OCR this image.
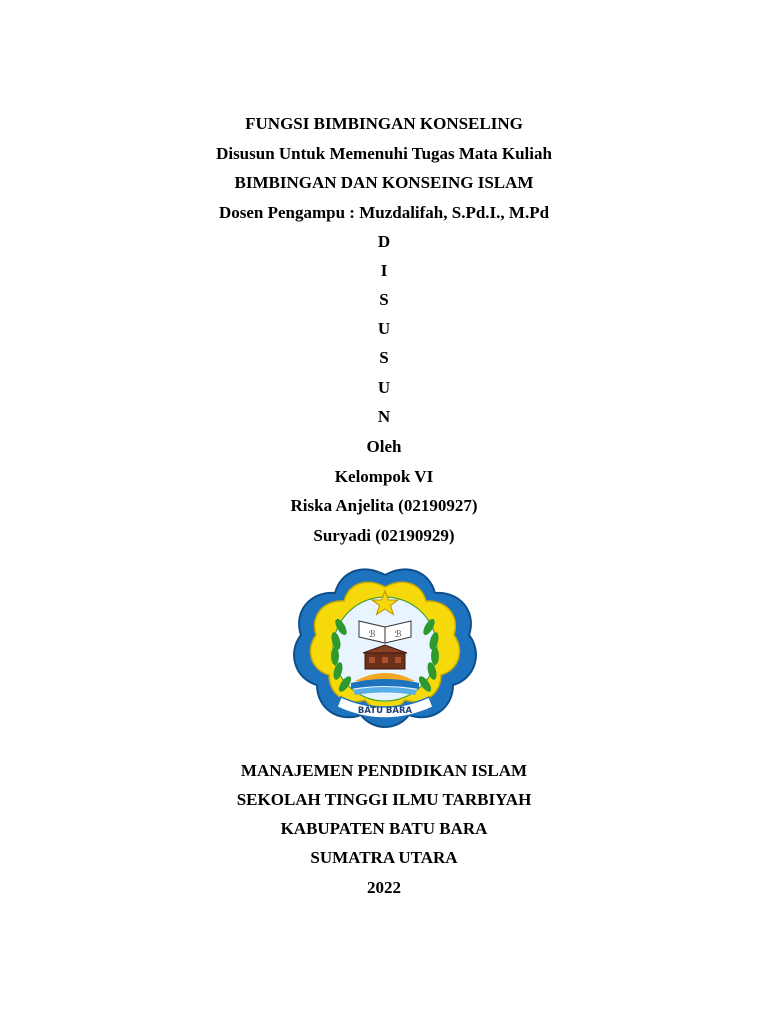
FUNGSI BIMBINGAN KONSELING
Disusun Untuk Memenuhi Tugas Mata Kuliah
BIMBINGAN DAN KONSEING ISLAM
Dosen Pengampu : Muzdalifah, S.Pd.I., M.Pd
D
I
S
U
S
U
N
Oleh
Kelompok VI
Riska Anjelita (02190927)
Suryadi (02190929)
ℬ ℬ
BATU BARA
MANAJEMEN PENDIDIKAN ISLAM
SEKOLAH TINGGI ILMU TARBIYAH
KABUPATEN BATU BARA
SUMATRA UTARA
2022
